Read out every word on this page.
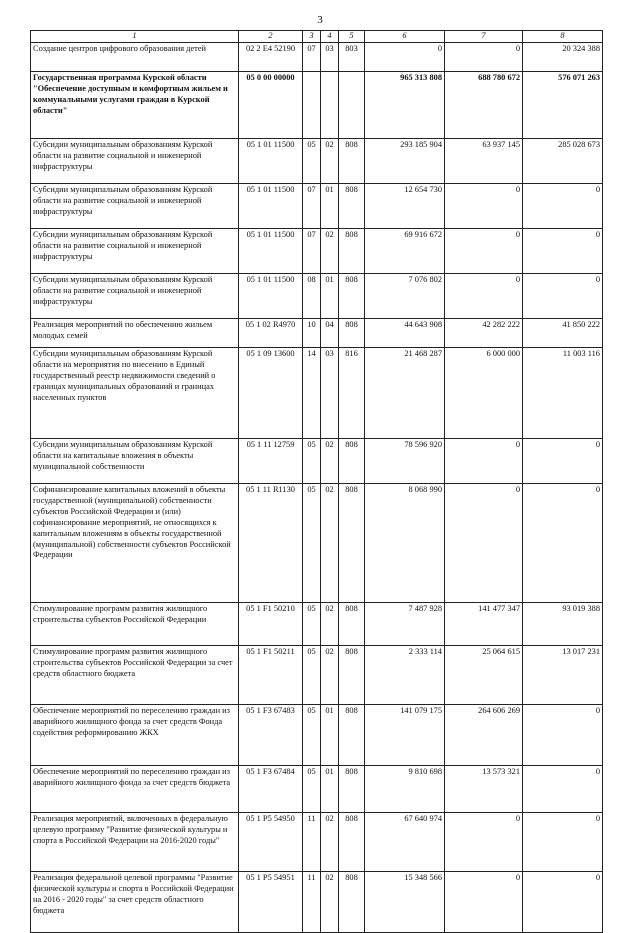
3
1	2	3	4	5	6	7	8
Создание центров цифрового образования детей	02 2 E4 52190	07	03	803	0	0	20 324 388
Государственная программа Курской области "Обеспечение доступным и комфортным жильем и коммунальными услугами граждан в Курской области"	05 0 00 00000				965 313 808	688 780 672	576 071 263
Субсидии муниципальным образованиям Курской области на развитие социальной и инженерной инфраструктуры	05 1 01 11500	05	02	808	293 185 904	63 937 145	285 028 673
Субсидии муниципальным образованиям Курской области на развитие социальной и инженерной инфраструктуры	05 1 01 11500	07	01	808	12 654 730	0	0
Субсидии муниципальным образованиям Курской области на развитие социальной и инженерной инфраструктуры	05 1 01 11500	07	02	808	69 916 672	0	0
Субсидии муниципальным образованиям Курской области на развитие социальной и инженерной инфраструктуры	05 1 01 11500	08	01	808	7 076 802	0	0
Реализация мероприятий по обеспечению жильем молодых семей	05 1 02 R4970	10	04	808	44 643 908	42 282 222	41 850 222
Субсидии муниципальным образованиям Курской области на мероприятия по внесению в Единый государственный реестр недвижимости сведений о границах муниципальных образований и границах населенных пунктов	05 1 09 13600	14	03	816	21 468 287	6 000 000	11 003 116
Субсидии муниципальным образованиям Курской области на капитальные вложения в объекты муниципальной собственности	05 1 11 12759	05	02	808	78 596 920	0	0
Софинансирование капитальных вложений в объекты государственной (муниципальной) собственности субъектов Российской Федерации и (или) софинансирование мероприятий, не относящихся к капитальным вложениям в объекты государственной (муниципальной) собственности субъектов Российской Федерации	05 1 11 R1130	05	02	808	8 068 990	0	0
Стимулирование программ развития жилищного строительства субъектов Российской Федерации	05 1 F1 50210	05	02	808	7 487 928	141 477 347	93 019 388
Стимулирование программ развития жилищного строительства субъектов Российской Федерации за счет средств областного бюджета	05 1 F1 50211	05	02	808	2 333 114	25 064 615	13 017 231
Обеспечение мероприятий по переселению граждан из аварийного жилищного фонда за счет средств Фонда содействия реформированию ЖКХ	05 1 F3 67483	05	01	808	141 079 175	264 606 269	0
Обеспечение мероприятий по переселению граждан из аварийного жилищного фонда за счет средств бюджета	05 1 F3 67484	05	01	808	9 810 698	13 573 321	0
Реализация мероприятий, включенных в федеральную целевую программу "Развитие физической культуры и спорта в Российской Федерации на 2016-2020 годы"	05 1 P5 54950	11	02	808	67 640 974	0	0
Реализация федеральной целевой программы "Развитие физической культуры и спорта в Российской Федерации на 2016 - 2020 годы" за счет средств областного бюджета	05 1 P5 54951	11	02	808	15 348 566	0	0
